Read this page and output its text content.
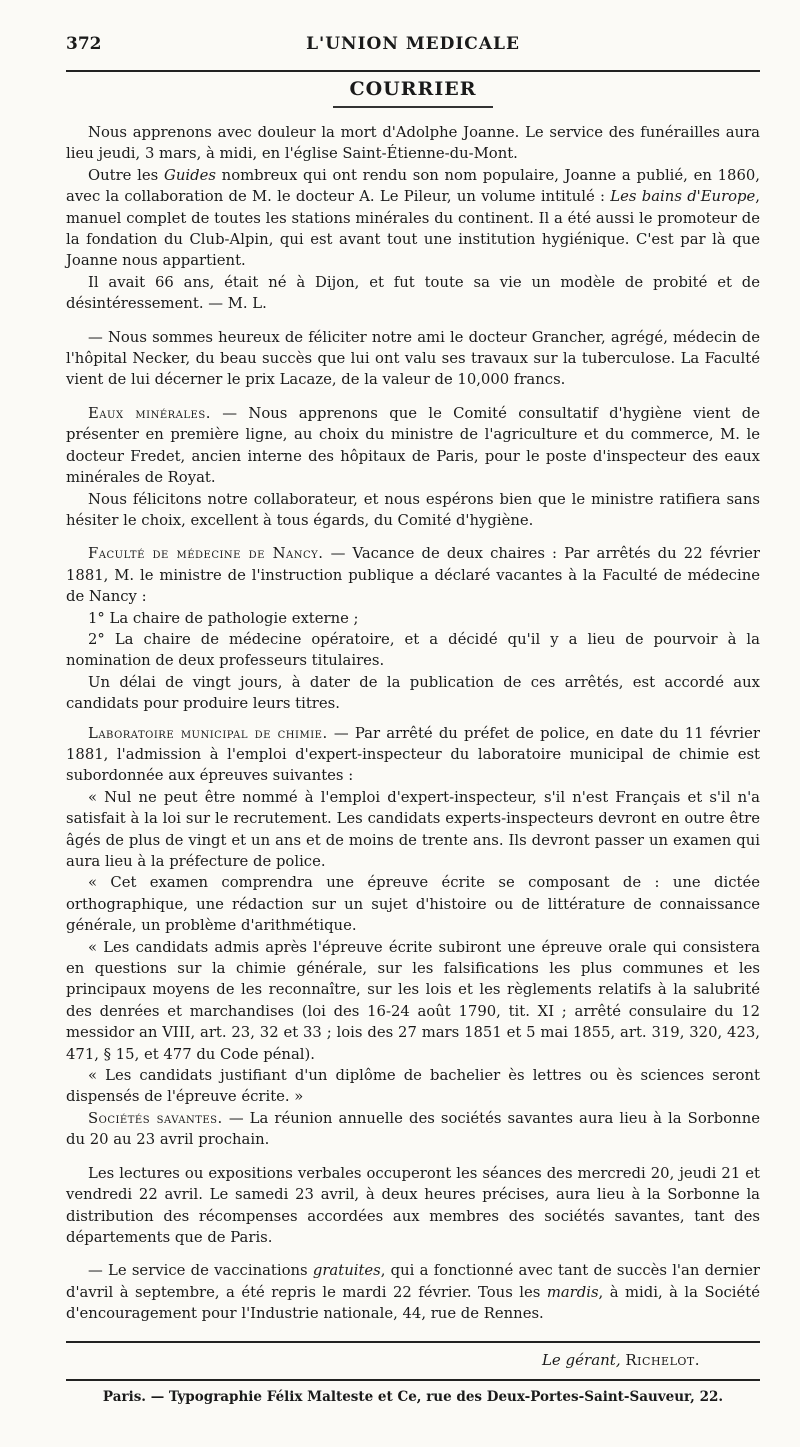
372	L'UNION MEDICALE
COURRIER

Nous apprenons avec douleur la mort d'Adolphe Joanne. Le service des funérailles aura lieu jeudi, 3 mars, à midi, en l'église Saint-Étienne-du-Mont.

Outre les Guides nombreux qui ont rendu son nom populaire, Joanne a publié, en 1860, avec la collaboration de M. le docteur A. Le Pileur, un volume intitulé : Les bains d'Europe, manuel complet de toutes les stations minérales du continent. Il a été aussi le promoteur de la fondation du Club-Alpin, qui est avant tout une institution hygiénique. C'est par là que Joanne nous appartient.

Il avait 66 ans, était né à Dijon, et fut toute sa vie un modèle de probité et de désintéressement. — M. L.

— Nous sommes heureux de féliciter notre ami le docteur Grancher, agrégé, médecin de l'hôpital Necker, du beau succès que lui ont valu ses travaux sur la tuberculose. La Faculté vient de lui décerner le prix Lacaze, de la valeur de 10,000 francs.

Eaux minérales. — Nous apprenons que le Comité consultatif d'hygiène vient de présenter en première ligne, au choix du ministre de l'agriculture et du commerce, M. le docteur Fredet, ancien interne des hôpitaux de Paris, pour le poste d'inspecteur des eaux minérales de Royat.

Nous félicitons notre collaborateur, et nous espérons bien que le ministre ratifiera sans hésiter le choix, excellent à tous égards, du Comité d'hygiène.

Faculté de médecine de Nancy. — Vacance de deux chaires : Par arrêtés du 22 février 1881, M. le ministre de l'instruction publique a déclaré vacantes à la Faculté de médecine de Nancy :

1° La chaire de pathologie externe ;

2° La chaire de médecine opératoire, et a décidé qu'il y a lieu de pourvoir à la nomination de deux professeurs titulaires.

Un délai de vingt jours, à dater de la publication de ces arrêtés, est accordé aux candidats pour produire leurs titres.

Laboratoire municipal de chimie. — Par arrêté du préfet de police, en date du 11 février 1881, l'admission à l'emploi d'expert-inspecteur du laboratoire municipal de chimie est subordonnée aux épreuves suivantes :

« Nul ne peut être nommé à l'emploi d'expert-inspecteur, s'il n'est Français et s'il n'a satisfait à la loi sur le recrutement. Les candidats experts-inspecteurs devront en outre être âgés de plus de vingt et un ans et de moins de trente ans. Ils devront passer un examen qui aura lieu à la préfecture de police.

« Cet examen comprendra une épreuve écrite se composant de : une dictée orthographique, une rédaction sur un sujet d'histoire ou de littérature de connaissance générale, un problème d'arithmétique.

« Les candidats admis après l'épreuve écrite subiront une épreuve orale qui consistera en questions sur la chimie générale, sur les falsifications les plus communes et les principaux moyens de les reconnaître, sur les lois et les règlements relatifs à la salubrité des denrées et marchandises (loi des 16-24 août 1790, tit. XI ; arrêté consulaire du 12 messidor an VIII, art. 23, 32 et 33 ; lois des 27 mars 1851 et 5 mai 1855, art. 319, 320, 423, 471, § 15, et 477 du Code pénal).

« Les candidats justifiant d'un diplôme de bachelier ès lettres ou ès sciences seront dispensés de l'épreuve écrite. »

Sociétés savantes. — La réunion annuelle des sociétés savantes aura lieu à la Sorbonne du 20 au 23 avril prochain.

Les lectures ou expositions verbales occuperont les séances des mercredi 20, jeudi 21 et vendredi 22 avril. Le samedi 23 avril, à deux heures précises, aura lieu à la Sorbonne la distribution des récompenses accordées aux membres des sociétés savantes, tant des départements que de Paris.

— Le service de vaccinations gratuites, qui a fonctionné avec tant de succès l'an dernier d'avril à septembre, a été repris le mardi 22 février. Tous les mardis, à midi, à la Société d'encouragement pour l'Industrie nationale, 44, rue de Rennes.

Le gérant, Richelot.
Paris. — Typographie Félix Malteste et Ce, rue des Deux-Portes-Saint-Sauveur, 22.
